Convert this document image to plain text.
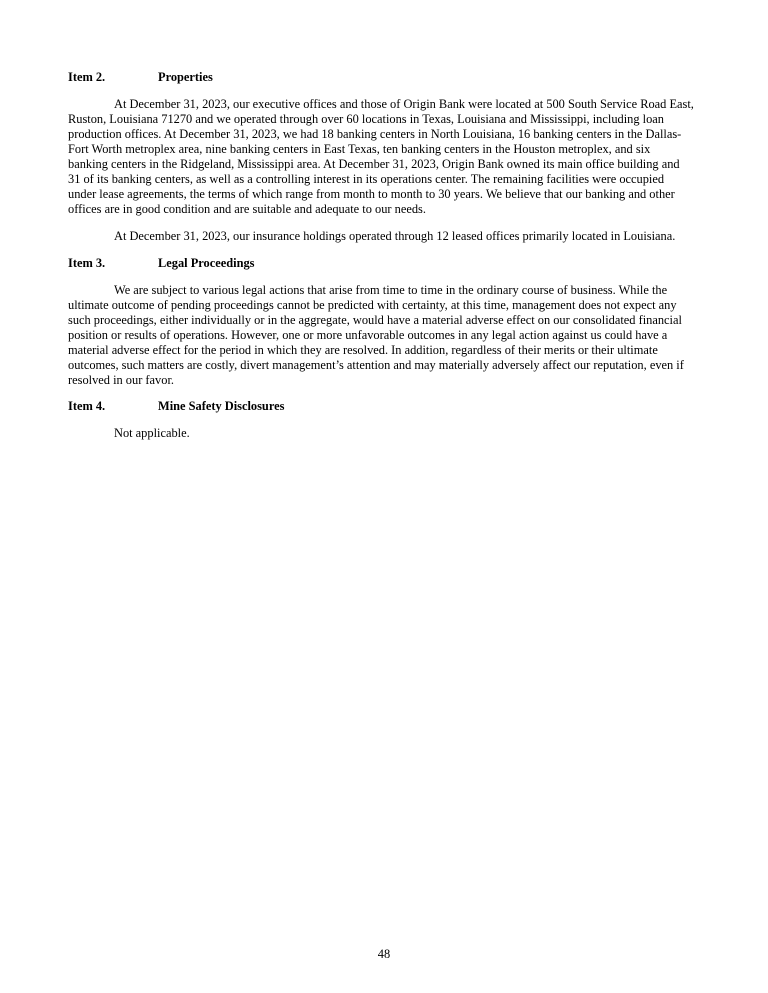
Item 2.	Properties
At December 31, 2023, our executive offices and those of Origin Bank were located at 500 South Service Road East,
Ruston, Louisiana 71270 and we operated through over 60 locations in Texas, Louisiana and Mississippi, including loan
production offices. At December 31, 2023, we had 18 banking centers in North Louisiana, 16 banking centers in the Dallas-
Fort Worth metroplex area, nine banking centers in East Texas, ten banking centers in the Houston metroplex, and six
banking centers in the Ridgeland, Mississippi area. At December 31, 2023, Origin Bank owned its main office building and
31 of its banking centers, as well as a controlling interest in its operations center. The remaining facilities were occupied
under lease agreements, the terms of which range from month to month to 30 years. We believe that our banking and other
offices are in good condition and are suitable and adequate to our needs.
At December 31, 2023, our insurance holdings operated through 12 leased offices primarily located in Louisiana.
Item 3.	Legal Proceedings
We are subject to various legal actions that arise from time to time in the ordinary course of business. While the
ultimate outcome of pending proceedings cannot be predicted with certainty, at this time, management does not expect any
such proceedings, either individually or in the aggregate, would have a material adverse effect on our consolidated financial
position or results of operations. However, one or more unfavorable outcomes in any legal action against us could have a
material adverse effect for the period in which they are resolved. In addition, regardless of their merits or their ultimate
outcomes, such matters are costly, divert management’s attention and may materially adversely affect our reputation, even if
resolved in our favor.
Item 4.	Mine Safety Disclosures
Not applicable.
48
